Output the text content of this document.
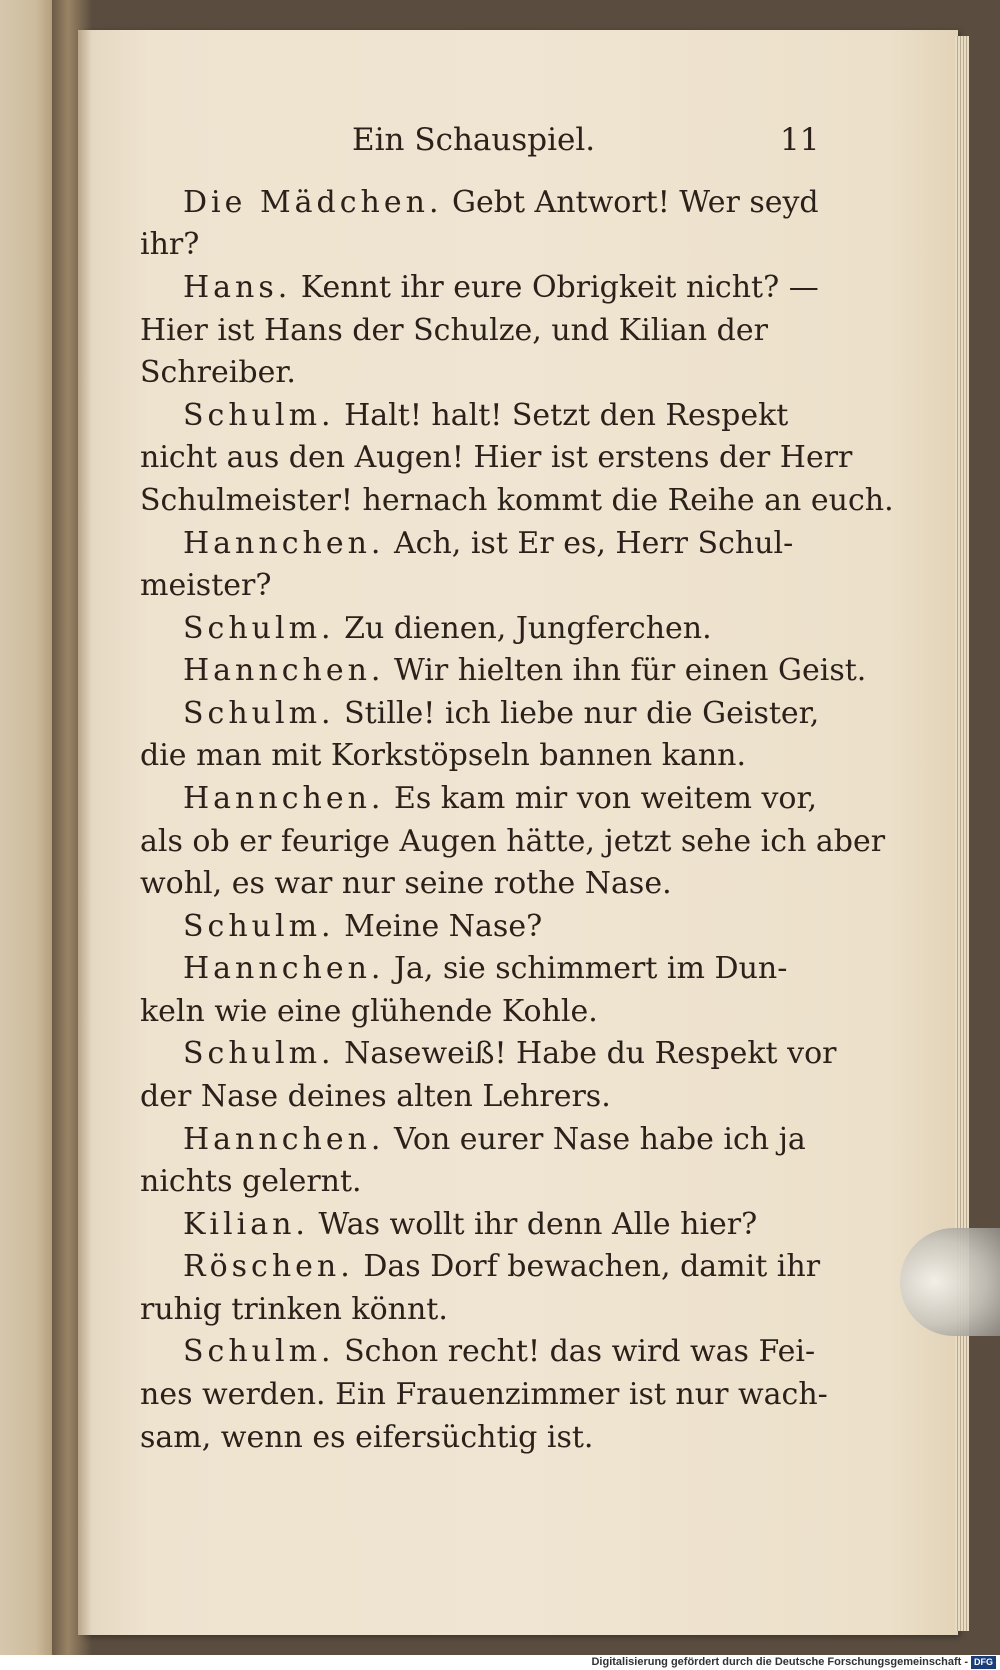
Ein Schauspiel.	11
Die Mädchen. Gebt Antwort! Wer seyd
ihr?
Hans. Kennt ihr eure Obrigkeit nicht? —
Hier ist Hans der Schulze, und Kilian der
Schreiber.
Schulm. Halt! halt! Setzt den Respekt
nicht aus den Augen! Hier ist erstens der Herr
Schulmeister! hernach kommt die Reihe an euch.
Hannchen. Ach, ist Er es, Herr Schul-
meister?
Schulm. Zu dienen, Jungferchen.
Hannchen. Wir hielten ihn für einen Geist.
Schulm. Stille! ich liebe nur die Geister,
die man mit Korkstöpseln bannen kann.
Hannchen. Es kam mir von weitem vor,
als ob er feurige Augen hätte, jetzt sehe ich aber
wohl, es war nur seine rothe Nase.
Schulm. Meine Nase?
Hannchen. Ja, sie schimmert im Dun-
keln wie eine glühende Kohle.
Schulm. Naseweiß! Habe du Respekt vor
der Nase deines alten Lehrers.
Hannchen. Von eurer Nase habe ich ja
nichts gelernt.
Kilian. Was wollt ihr denn Alle hier?
Röschen. Das Dorf bewachen, damit ihr
ruhig trinken könnt.
Schulm. Schon recht! das wird was Fei-
nes werden. Ein Frauenzimmer ist nur wach-
sam, wenn es eifersüchtig ist.
Digitalisierung gefördert durch die Deutsche Forschungsgemeinschaft - DFG
